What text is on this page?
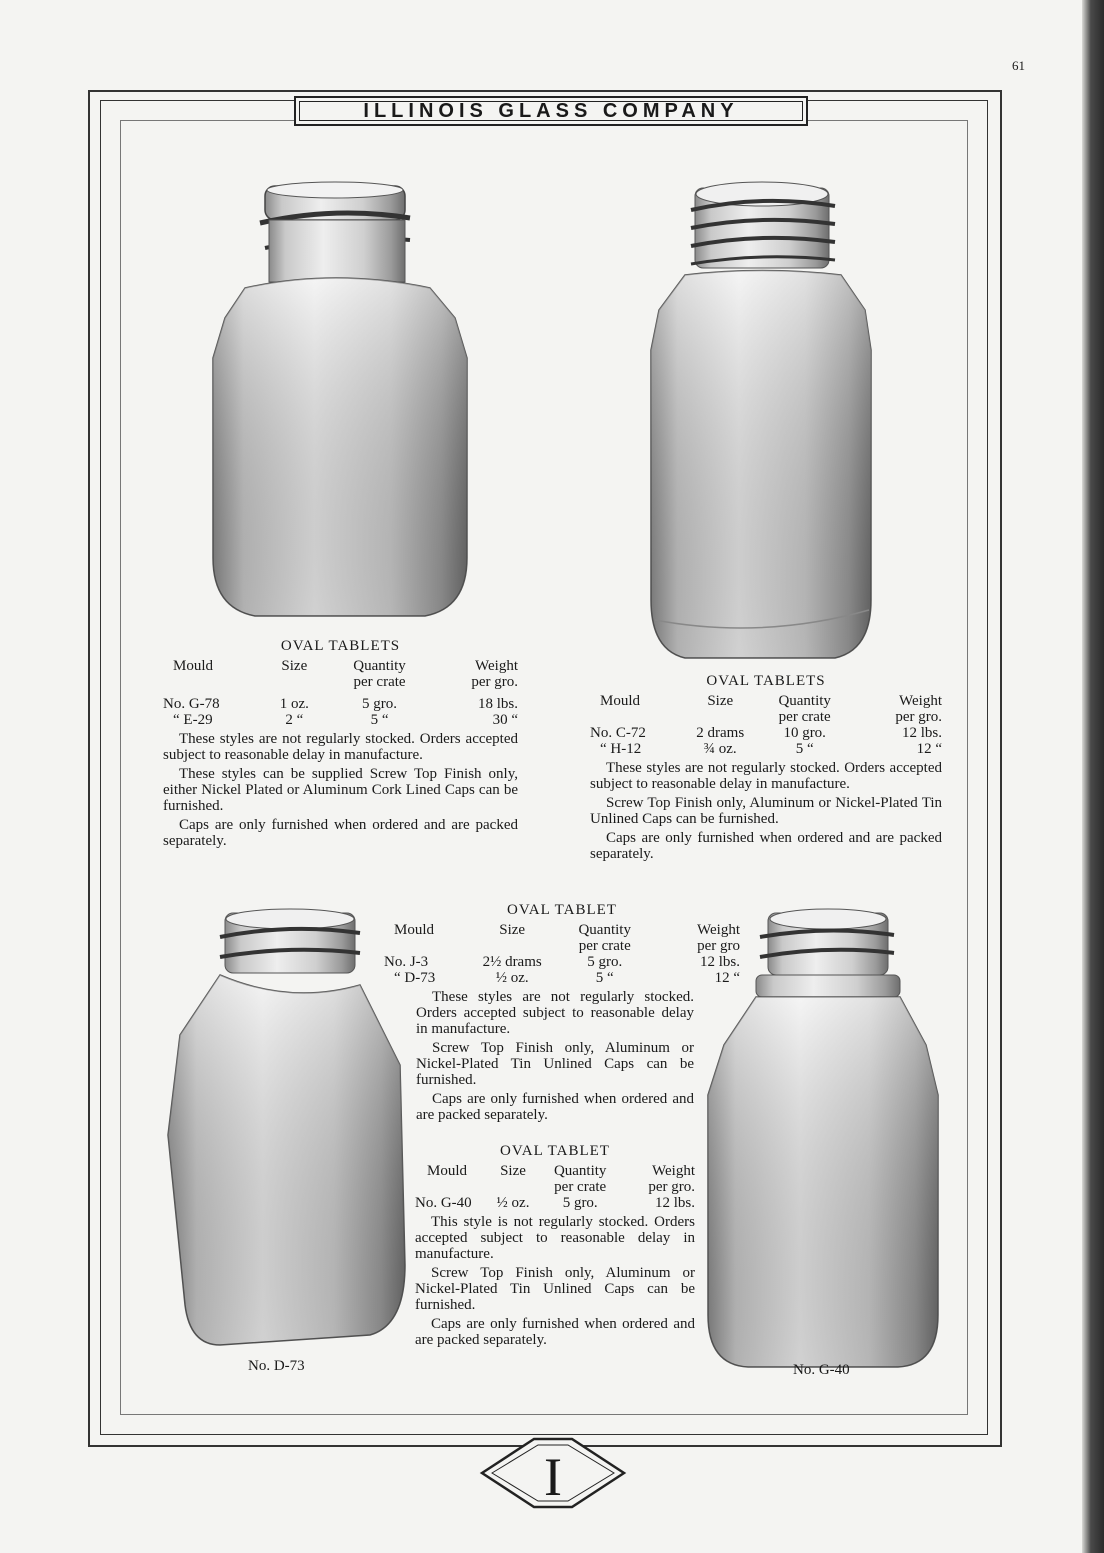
61
ILLINOIS GLASS COMPANY
OVAL TABLETS
Mould	Size	Quantity	Weight
		per crate	per gro.

No. G-78	1 oz.	5 gro.	18 lbs.
“ E-29	2 “	5 “	30 “

These styles are not regularly stocked. Orders accepted subject to reasonable delay in manufacture.

These styles can be supplied Screw Top Finish only, either Nickel Plated or Aluminum Cork Lined Caps can be furnished.

Caps are only furnished when ordered and are packed separately.

OVAL TABLETS
Mould	Size	Quantity	Weight
		per crate	per gro.
No. C-72	2 drams	10 gro.	12 lbs.
“ H-12	¾ oz.	5 “	12 “

These styles are not regularly stocked. Orders accepted subject to reasonable delay in manufacture.

Screw Top Finish only, Aluminum or Nickel-Plated Tin Unlined Caps can be furnished.

Caps are only furnished when ordered and are packed separately.

OVAL TABLET
Mould	Size	Quantity	Weight
		per crate	per gro
No. J-3	2½ drams	5 gro.	12 lbs.
“ D-73	½ oz.	5 “	12 “

These styles are not regularly stocked. Orders accepted subject to reasonable delay in manufacture.

Screw Top Finish only, Aluminum or Nickel-Plated Tin Unlined Caps can be furnished.

Caps are only furnished when ordered and are packed separately.

OVAL TABLET
Mould	Size	Quantity	Weight
		per crate	per gro.
No. G-40	½ oz.	5 gro.	12 lbs.

This style is not regularly stocked. Orders accepted subject to reasonable delay in manufacture.

Screw Top Finish only, Aluminum or Nickel-Plated Tin Unlined Caps can be furnished.

Caps are only furnished when ordered and are packed separately.

No. D-73	No. G-40
I
